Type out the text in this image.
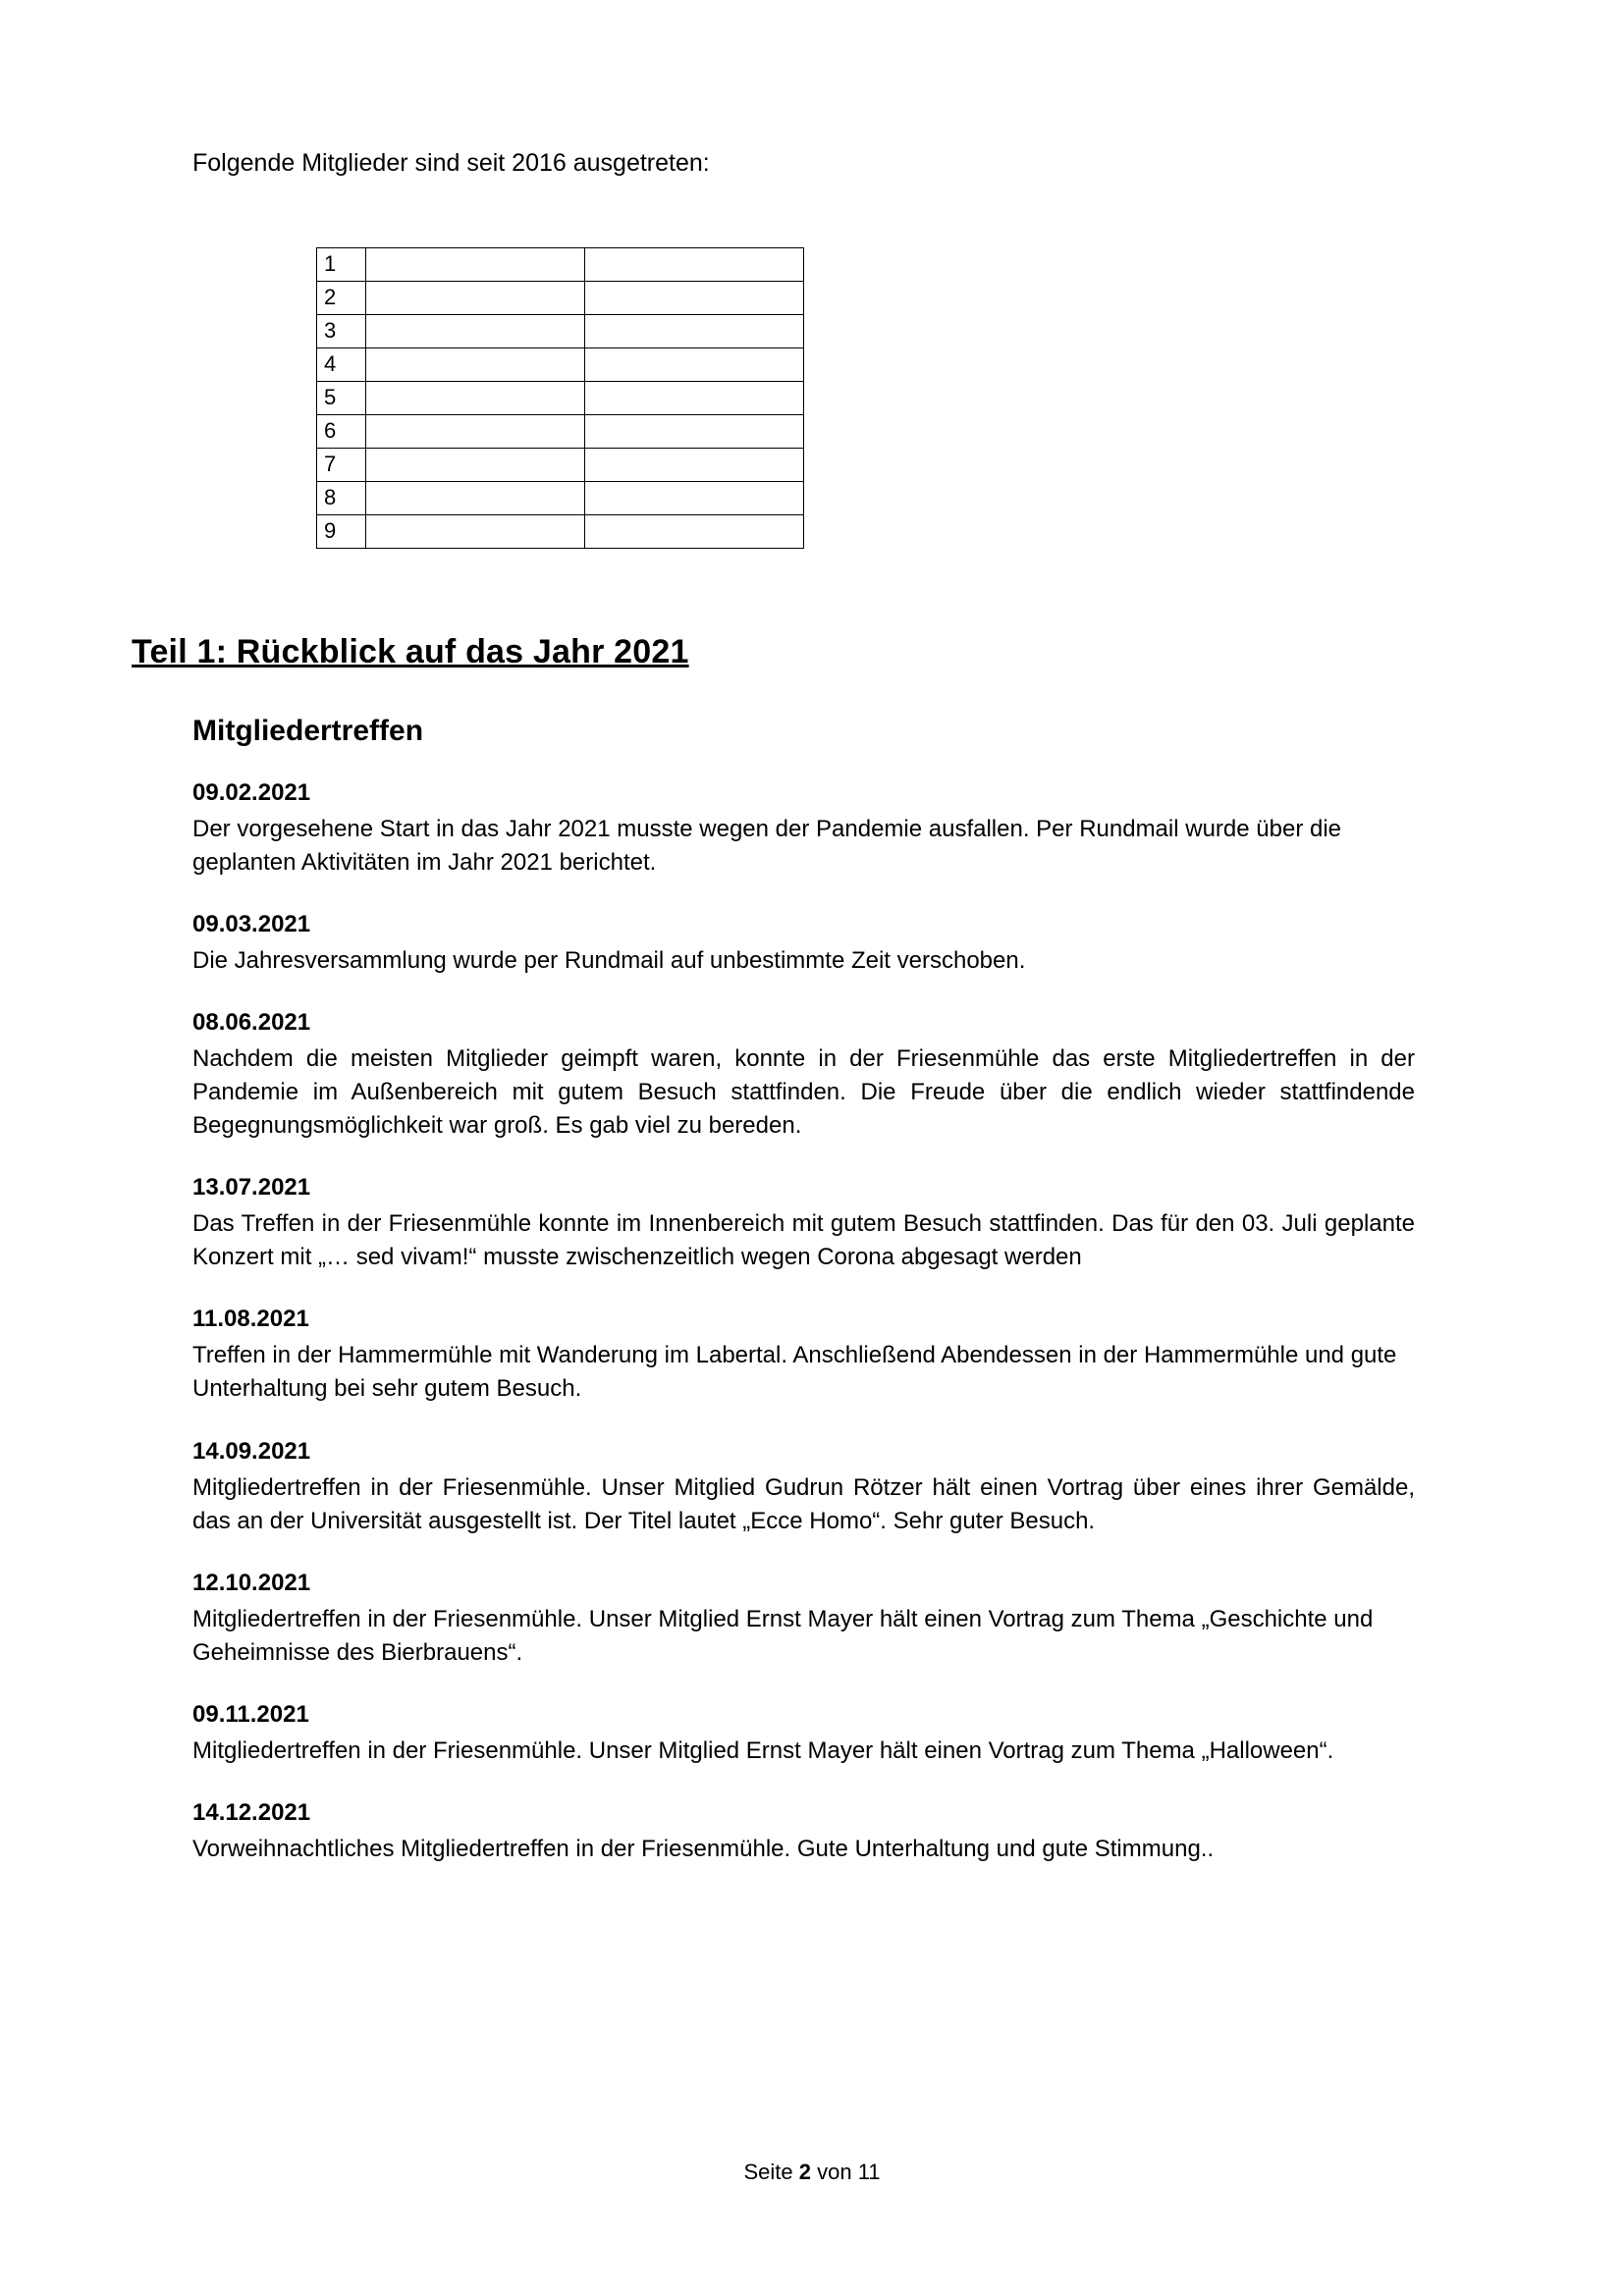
Folgende Mitglieder sind seit 2016 ausgetreten:

1		
2		
3		
4		
5		
6		
7		
8		
9		
Teil 1: Rückblick auf das Jahr 2021
Mitgliedertreffen
09.02.2021

Der vorgesehene Start in das Jahr 2021 musste wegen der Pandemie ausfallen. Per Rundmail wurde über die geplanten Aktivitäten im Jahr 2021 berichtet.

09.03.2021

Die Jahresversammlung wurde per Rundmail auf unbestimmte Zeit verschoben.

08.06.2021

Nachdem die meisten Mitglieder geimpft waren, konnte in der Friesenmühle das erste Mitgliedertreffen in der Pandemie im Außenbereich mit gutem Besuch stattfinden. Die Freude über die endlich wieder stattfindende Begegnungsmöglichkeit war groß. Es gab viel zu bereden.

13.07.2021

Das Treffen in der Friesenmühle konnte im Innenbereich mit gutem Besuch stattfinden. Das für den 03. Juli geplante Konzert mit „… sed vivam!“ musste zwischenzeitlich wegen Corona abgesagt werden

11.08.2021

Treffen in der Hammermühle mit Wanderung im Labertal. Anschließend Abendessen in der Hammermühle und gute Unterhaltung bei sehr gutem Besuch.

14.09.2021

Mitgliedertreffen in der Friesenmühle. Unser Mitglied Gudrun Rötzer hält einen Vortrag über eines ihrer Gemälde, das an der Universität ausgestellt ist. Der Titel lautet „Ecce Homo“. Sehr guter Besuch.

12.10.2021

Mitgliedertreffen in der Friesenmühle. Unser Mitglied Ernst Mayer hält einen Vortrag zum Thema „Geschichte und Geheimnisse des Bierbrauens“.

09.11.2021

Mitgliedertreffen in der Friesenmühle. Unser Mitglied Ernst Mayer hält einen Vortrag zum Thema „Halloween“.

14.12.2021

Vorweihnachtliches Mitgliedertreffen in der Friesenmühle. Gute Unterhaltung und gute Stimmung..

Seite 2 von 11
